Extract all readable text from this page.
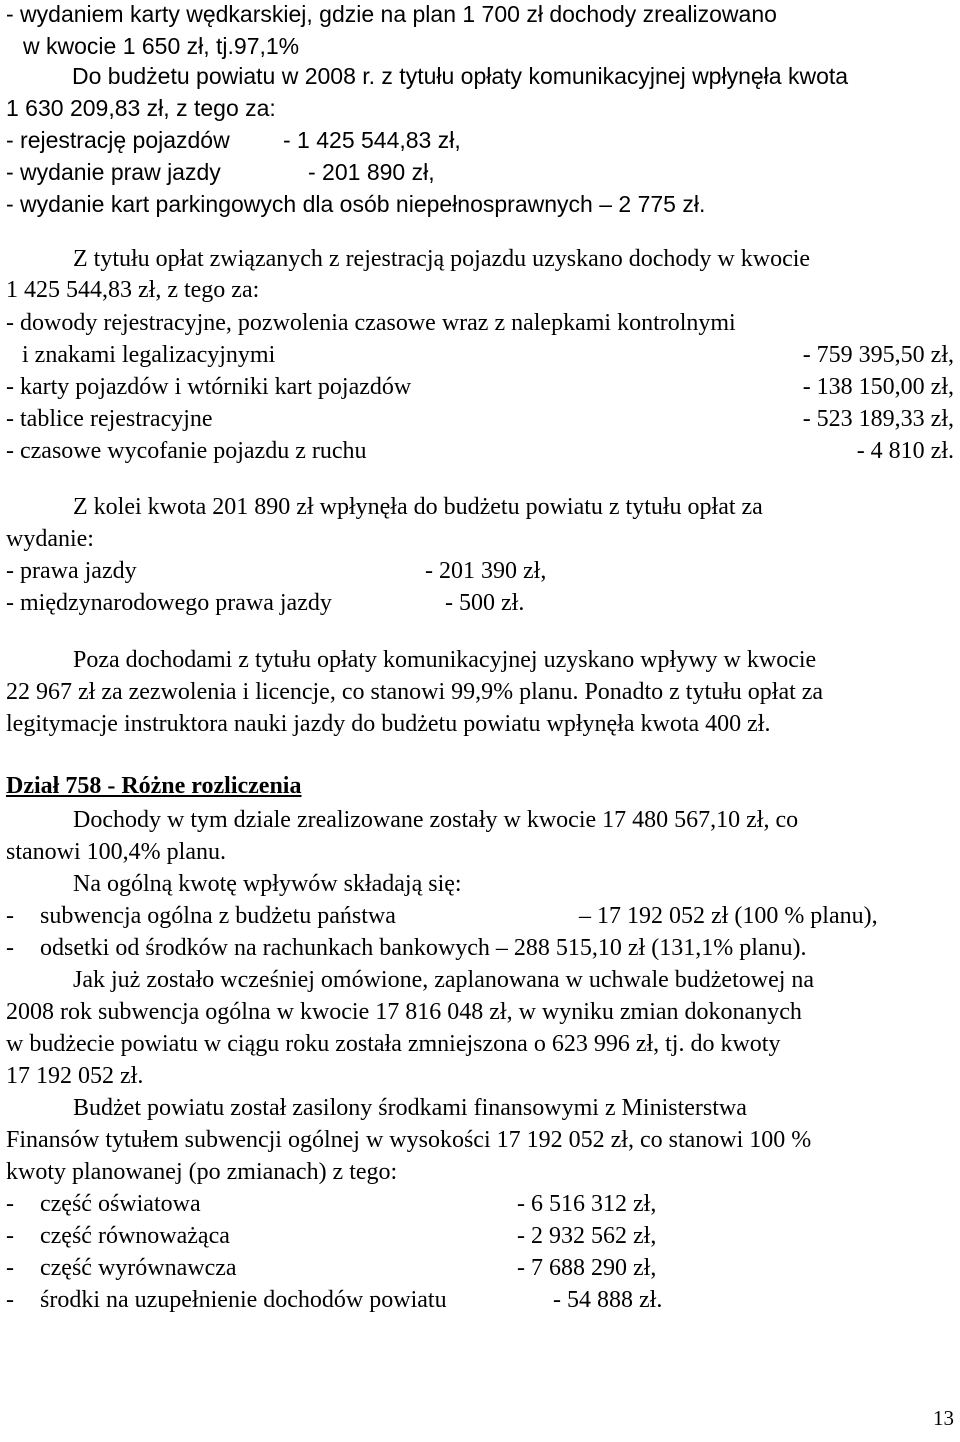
- wydaniem karty wędkarskiej, gdzie na plan 1 700 zł dochody zrealizowano
w kwocie 1 650 zł, tj.97,1%
Do budżetu powiatu w 2008 r. z tytułu opłaty komunikacyjnej wpłynęła kwota
1 630 209,83 zł, z tego za:
- rejestrację pojazdów - 1 425 544,83 zł,
- wydanie praw jazdy	- 201 890 zł,
- wydanie kart parkingowych dla osób niepełnosprawnych – 2 775 zł.
Z tytułu opłat związanych z rejestracją pojazdu uzyskano dochody w kwocie
1 425 544,83 zł, z tego za:
- dowody rejestracyjne, pozwolenia czasowe wraz z nalepkami kontrolnymi
i znakami legalizacyjnymi	- 759 395,50 zł,
- karty pojazdów i wtórniki kart pojazdów	- 138 150,00 zł,
- tablice rejestracyjne	- 523 189,33 zł,
- czasowe wycofanie pojazdu z ruchu	- 4 810 zł.
Z kolei kwota 201 890 zł wpłynęła do budżetu powiatu z tytułu opłat za
wydanie:
- prawa jazdy	- 201 390 zł,
- międzynarodowego prawa jazdy	- 500 zł.
Poza dochodami z tytułu opłaty komunikacyjnej uzyskano wpływy w kwocie
22 967 zł za zezwolenia i licencje, co stanowi 99,9% planu. Ponadto z tytułu opłat za
legitymacje instruktora nauki jazdy do budżetu powiatu wpłynęła kwota 400 zł.
Dział 758 - Różne rozliczenia
Dochody w tym dziale zrealizowane zostały w kwocie 17 480 567,10 zł, co
stanowi 100,4% planu.
Na ogólną kwotę wpływów składają się:
- subwencja ogólna z budżetu państwa	– 17 192 052 zł (100 % planu),
- odsetki od środków na rachunkach bankowych – 288 515,10 zł (131,1% planu).
Jak już zostało wcześniej omówione, zaplanowana w uchwale budżetowej na
2008 rok subwencja ogólna w kwocie 17 816 048 zł, w wyniku zmian dokonanych
w budżecie powiatu w ciągu roku została zmniejszona o 623 996 zł, tj. do kwoty
17 192 052 zł.
Budżet powiatu został zasilony środkami finansowymi z Ministerstwa
Finansów tytułem subwencji ogólnej w wysokości 17 192 052 zł, co stanowi 100 %
kwoty planowanej (po zmianach) z tego:
- część oświatowa	- 6 516 312 zł,
- część równoważąca	- 2 932 562 zł,
- część wyrównawcza	- 7 688 290 zł,
- środki na uzupełnienie dochodów powiatu	- 54 888 zł.
13
